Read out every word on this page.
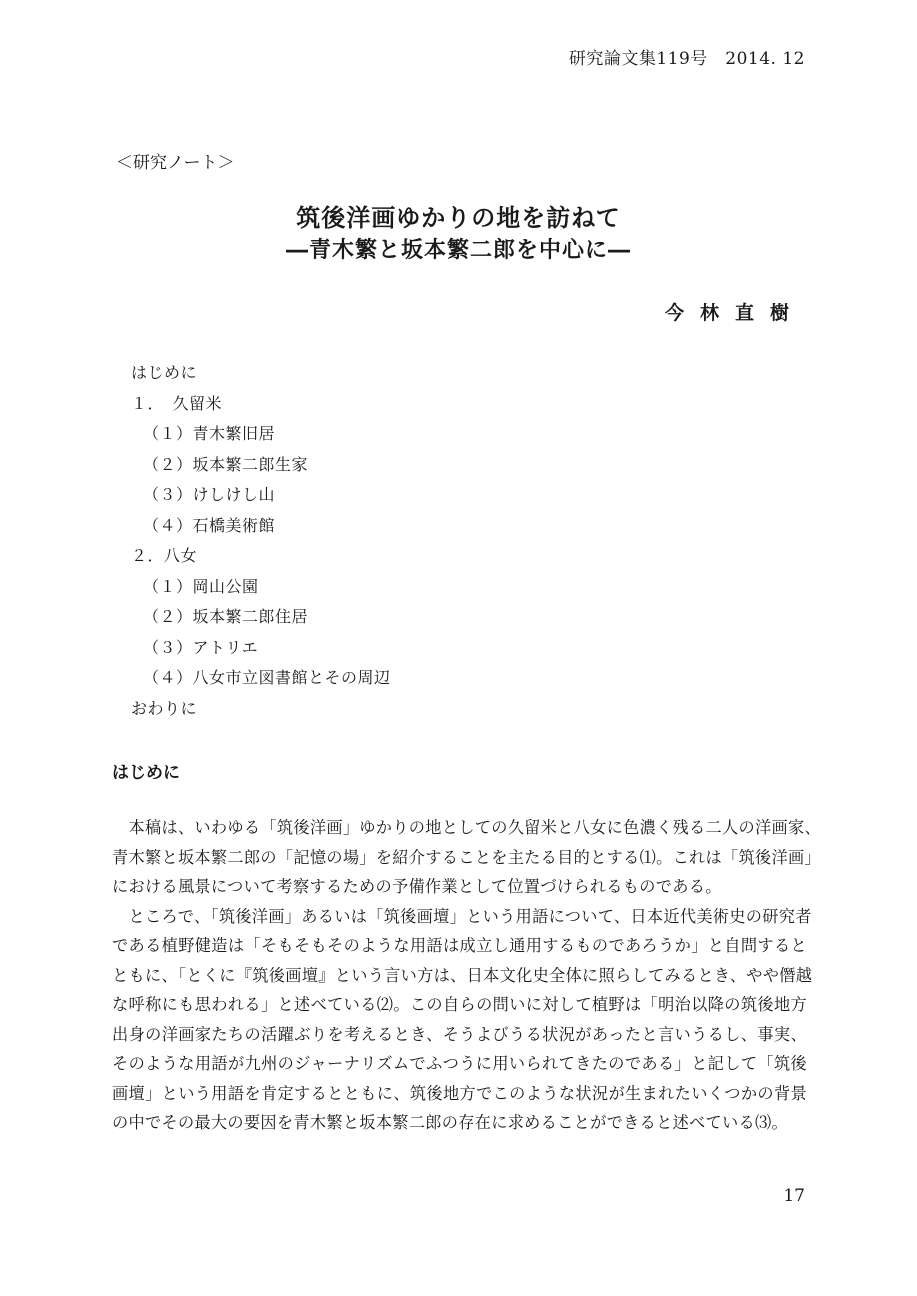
研究論文集119号　2014. 12
＜研究ノート＞
筑後洋画ゆかりの地を訪ねて
―青木繁と坂本繁二郎を中心に―
今林直樹
はじめに
１．　久留米
（１）青木繁旧居
（２）坂本繁二郎生家
（３）けしけし山
（４）石橋美術館
２．八女
（１）岡山公園
（２）坂本繁二郎住居
（３）アトリエ
（４）八女市立図書館とその周辺
おわりに
はじめに
　本稿は、いわゆる「筑後洋画」ゆかりの地としての久留米と八女に色濃く残る二人の洋画家、
青木繁と坂本繁二郎の「記憶の場」を紹介することを主たる目的とする⑴。これは「筑後洋画」
における風景について考察するための予備作業として位置づけられるものである。
　ところで、「筑後洋画」あるいは「筑後画壇」という用語について、日本近代美術史の研究者
である植野健造は「そもそもそのような用語は成立し通用するものであろうか」と自問すると
ともに、「とくに『筑後画壇』という言い方は、日本文化史全体に照らしてみるとき、やや僭越
な呼称にも思われる」と述べている⑵。この自らの問いに対して植野は「明治以降の筑後地方
出身の洋画家たちの活躍ぶりを考えるとき、そうよびうる状況があったと言いうるし、事実、
そのような用語が九州のジャーナリズムでふつうに用いられてきたのである」と記して「筑後
画壇」という用語を肯定するとともに、筑後地方でこのような状況が生まれたいくつかの背景
の中でその最大の要因を青木繁と坂本繁二郎の存在に求めることができると述べている⑶。
17
